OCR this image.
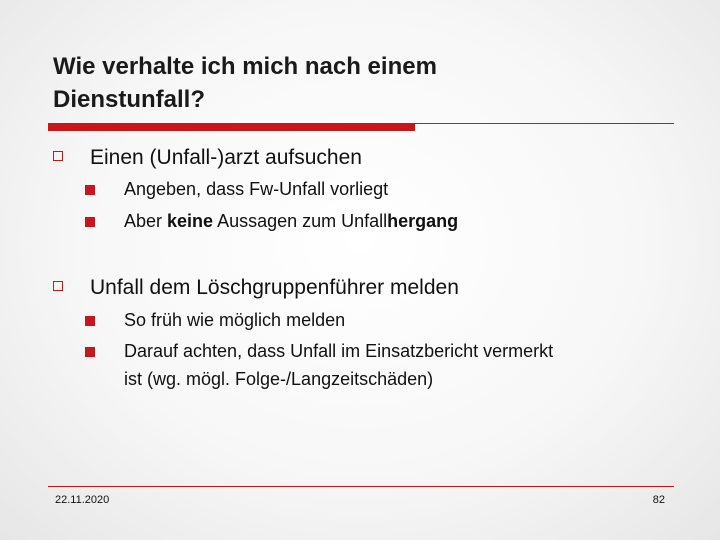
Wie verhalte ich mich nach einem
Dienstunfall?
Einen (Unfall-)arzt aufsuchen
Angeben, dass Fw-Unfall vorliegt
Aber keine Aussagen zum Unfallhergang
Unfall dem Löschgruppenführer melden
So früh wie möglich melden
Darauf achten, dass Unfall im Einsatzbericht vermerkt
ist (wg. mögl. Folge-/Langzeitschäden)
22.11.2020	82
